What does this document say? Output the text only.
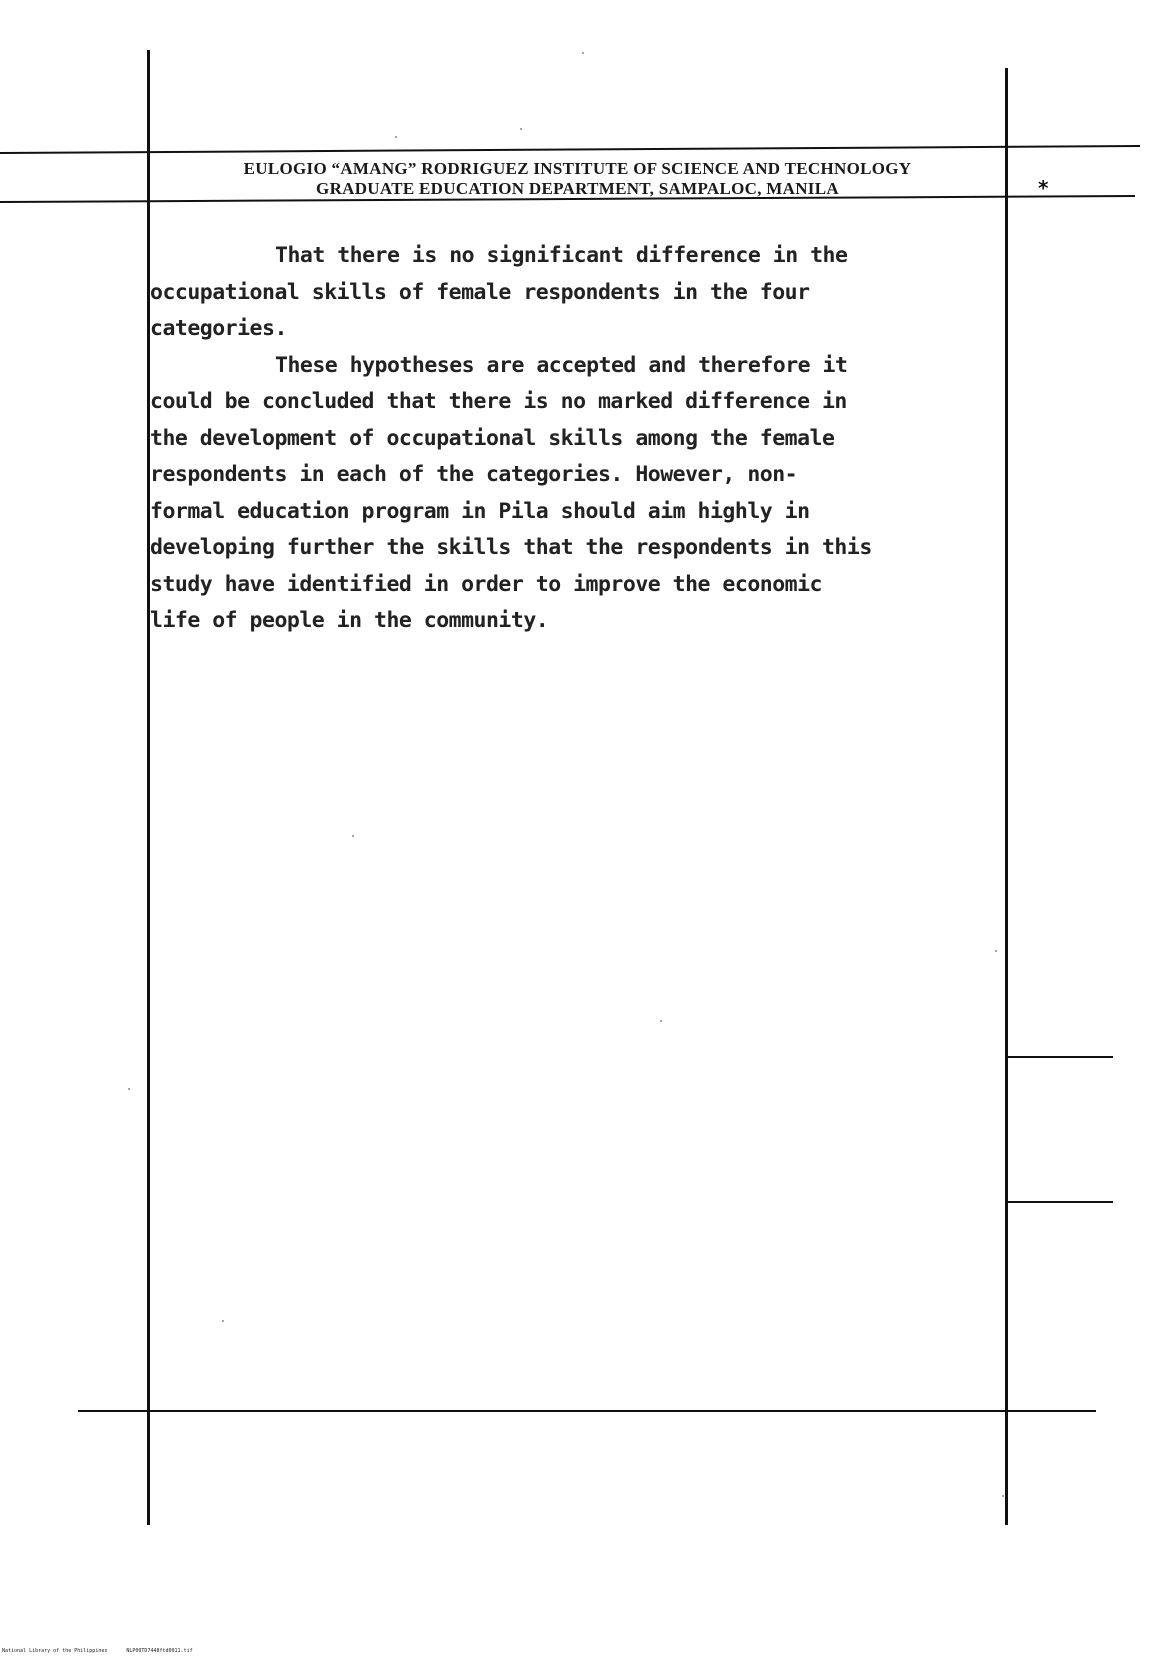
EULOGIO “AMANG” RODRIGUEZ INSTITUTE OF SCIENCE AND TECHNOLOGY
GRADUATE EDUCATION DEPARTMENT, SAMPALOC, MANILA	*
That there is no significant difference in the
occupational skills of female respondents in the four
categories.
These hypotheses are accepted and therefore it
could be concluded that there is no marked difference in
the development of occupational skills among the female
respondents in each of the categories. However, non-
formal education program in Pila should aim highly in
developing further the skills that the respondents in this
study have identified in order to improve the economic
life of people in the community.
National Library of the Philippines	NLP00TD7448ftd0011.tif
